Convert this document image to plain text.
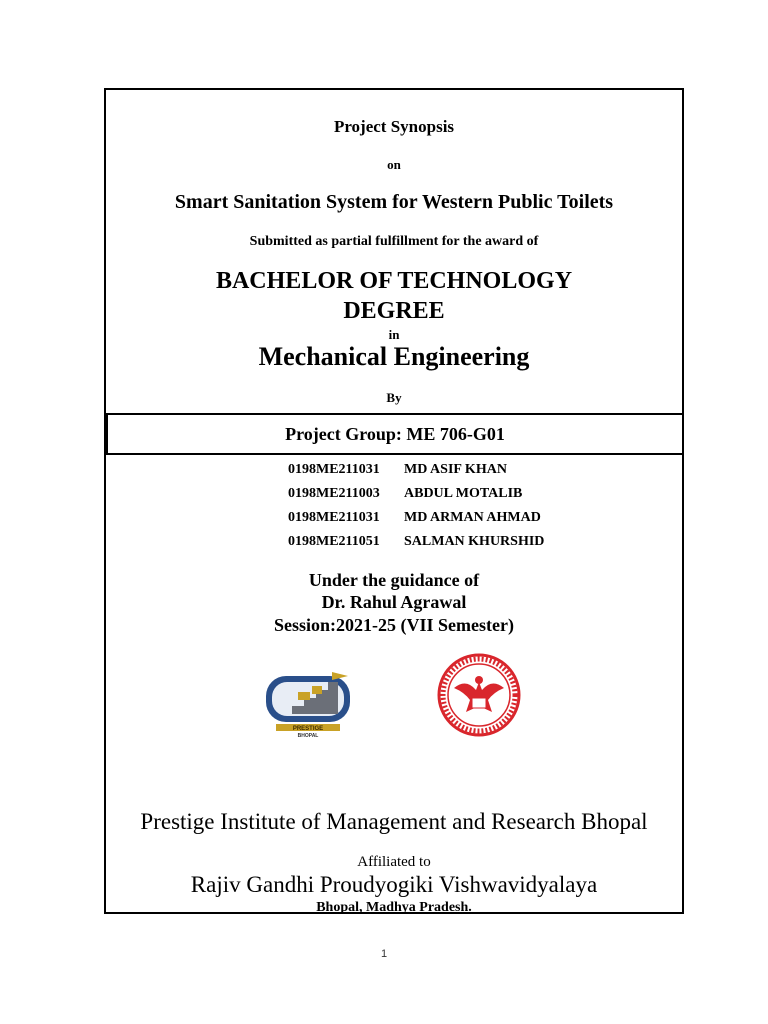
Project Synopsis
on
Smart Sanitation System for Western Public Toilets
Submitted as partial fulfillment for the award of
BACHELOR OF TECHNOLOGY
DEGREE
in
Mechanical Engineering
By
Project Group: ME 706-G01
0198ME211031 MD ASIF KHAN
0198ME211003 ABDUL MOTALIB
0198ME211031 MD ARMAN AHMAD
0198ME211051 SALMAN KHURSHID
Under the guidance of
Dr. Rahul Agrawal
Session:2021-25 (VII Semester)
PRESTIGE
BHOPAL
Prestige Institute of Management and Research Bhopal
Affiliated to
Rajiv Gandhi Proudyogiki Vishwavidyalaya
Bhopal, Madhya Pradesh.
1
